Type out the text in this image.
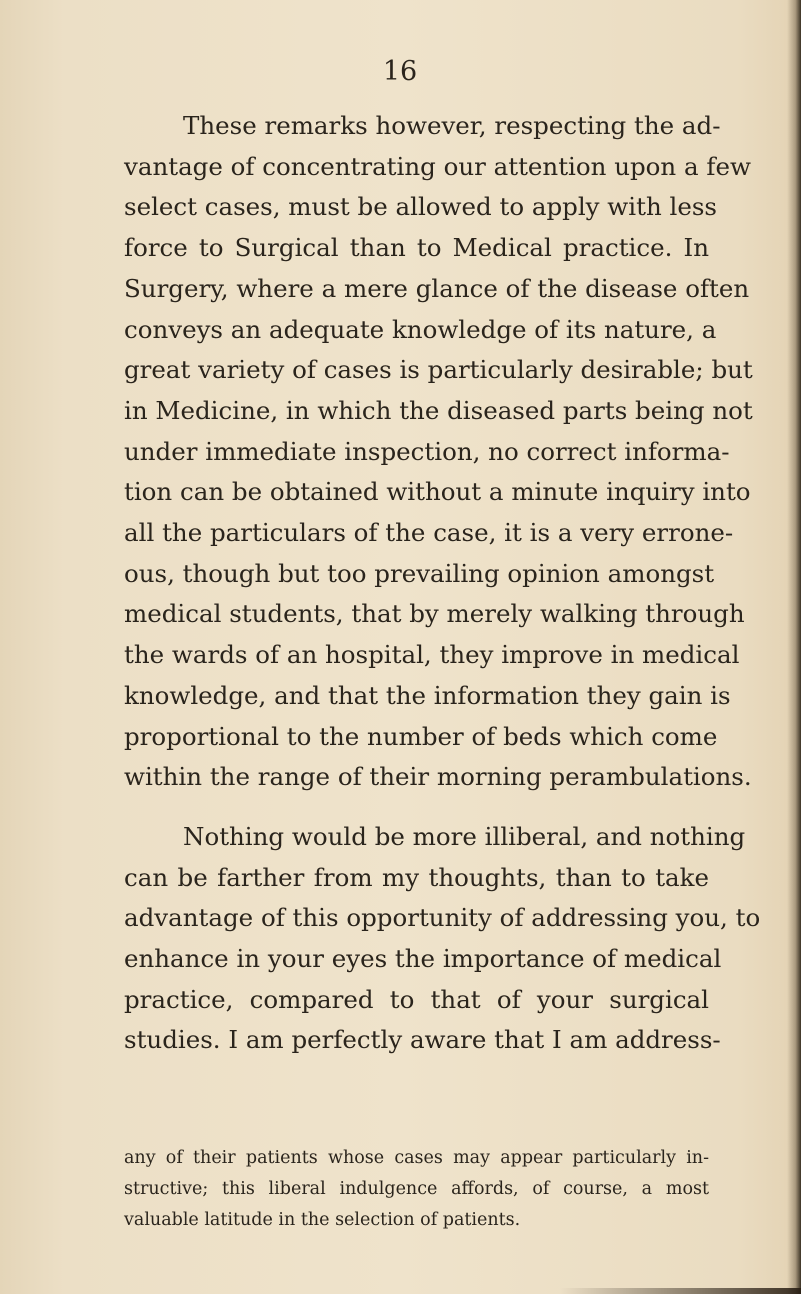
16

These remarks however, respecting the ad-
vantage of concentrating our attention upon a few
select cases, must be allowed to apply with less
force to Surgical than to Medical practice. In
Surgery, where a mere glance of the disease often
conveys an adequate knowledge of its nature, a
great variety of cases is particularly desirable; but
in Medicine, in which the diseased parts being not
under immediate inspection, no correct informa-
tion can be obtained without a minute inquiry into
all the particulars of the case, it is a very errone-
ous, though but too prevailing opinion amongst
medical students, that by merely walking through
the wards of an hospital, they improve in medical
knowledge, and that the information they gain is
proportional to the number of beds which come
within the range of their morning perambulations.

Nothing would be more illiberal, and nothing
can be farther from my thoughts, than to take
advantage of this opportunity of addressing you, to
enhance in your eyes the importance of medical
practice, compared to that of your surgical
studies. I am perfectly aware that I am address-

any of their patients whose cases may appear particularly in-
structive; this liberal indulgence affords, of course, a most
valuable latitude in the selection of patients.
